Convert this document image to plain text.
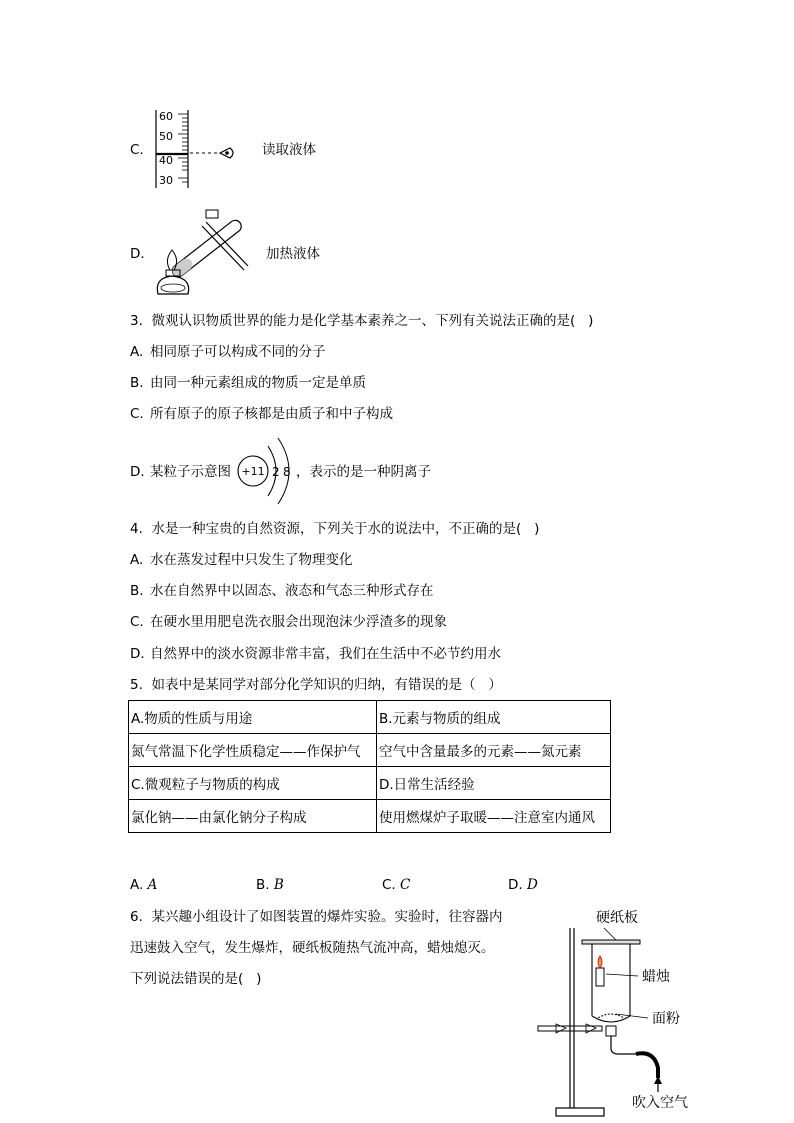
C.
60
50
40
30
读取液体
D.	加热液体
3.  微观认识物质世界的能力是化学基本素养之一、下列有关说法正确的是(   )
A. 相同原子可以构成不同的分子
B. 由同一种元素组成的物质一定是单质
C. 所有原子的原子核都是由质子和中子构成
D. 某粒子示意图 +11 2 8 ，表示的是一种阴离子
4.  水是一种宝贵的自然资源，下列关于水的说法中，不正确的是(   )
A. 水在蒸发过程中只发生了物理变化
B. 水在自然界中以固态、液态和气态三种形式存在
C. 在硬水里用肥皂洗衣服会出现泡沫少浮渣多的现象
D. 自然界中的淡水资源非常丰富，我们在生活中不必节约用水
5.  如表中是某同学对部分化学知识的归纳，有错误的是（   ）
A.物质的性质与用途	B.元素与物质的组成
氮气常温下化学性质稳定——作保护气	空气中含量最多的元素——氮元素
C.微观粒子与物质的构成	D.日常生活经验
氯化钠——由氯化钠分子构成	使用燃煤炉子取暖——注意室内通风
A. A	B. B	C. C	D. D
6.  某兴趣小组设计了如图装置的爆炸实验。实验时，往容器内
迅速鼓入空气，发生爆炸，硬纸板随热气流冲高，蜡烛熄灭。
下列说法错误的是(   )
硬纸板
蜡烛
面粉
吹入空气
